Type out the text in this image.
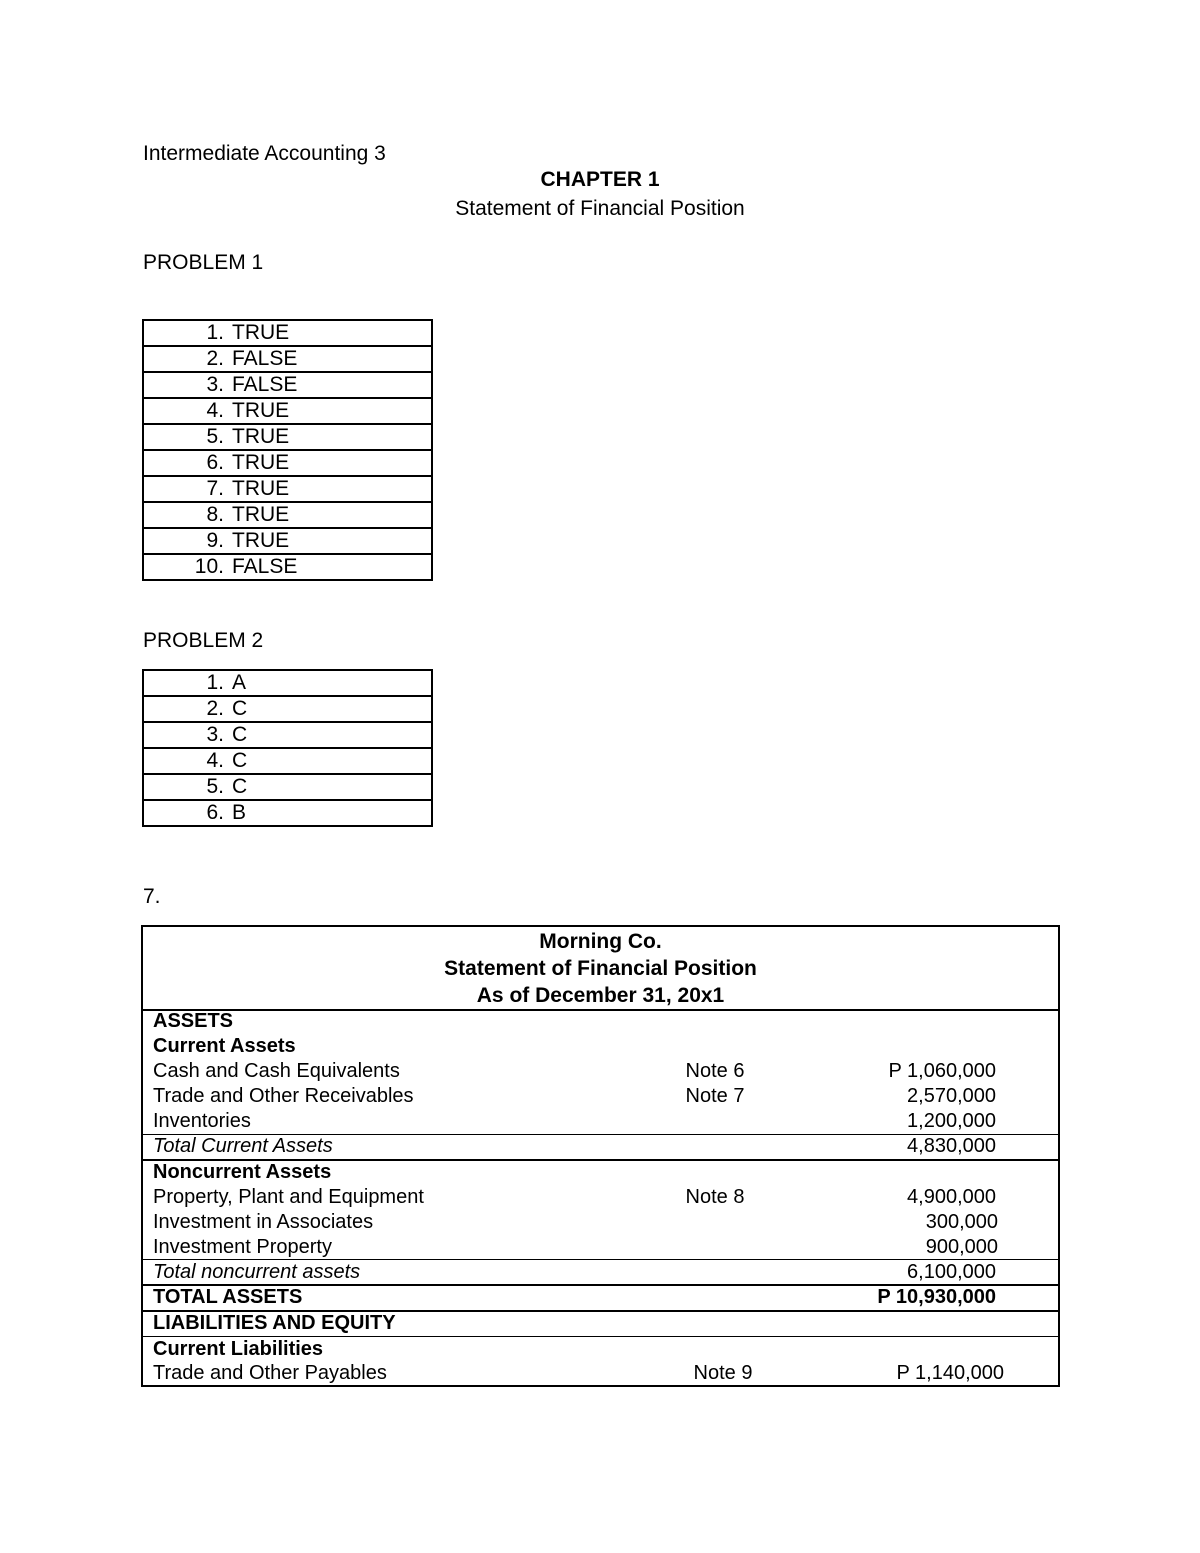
Intermediate Accounting 3
CHAPTER 1
Statement of Financial Position
PROBLEM 1
1. TRUE
2. FALSE
3. FALSE
4. TRUE
5. TRUE
6. TRUE
7. TRUE
8. TRUE
9. TRUE
10. FALSE
PROBLEM 2
1. A
2. C
3. C
4. C
5. C
6. B
7.
Morning Co.
Statement of Financial Position
As of December 31, 20x1
ASSETS
Current Assets
Cash and Cash Equivalents	Note 6	P 1,060,000
Trade and Other Receivables	Note 7	2,570,000
Inventories	1,200,000
Total Current Assets	4,830,000
Noncurrent Assets
Property, Plant and Equipment	Note 8	4,900,000
Investment in Associates	300,000
Investment Property	900,000
Total noncurrent assets	6,100,000
TOTAL ASSETS	P 10,930,000
LIABILITIES AND EQUITY
Current Liabilities
Trade and Other Payables	Note 9	P 1,140,000
